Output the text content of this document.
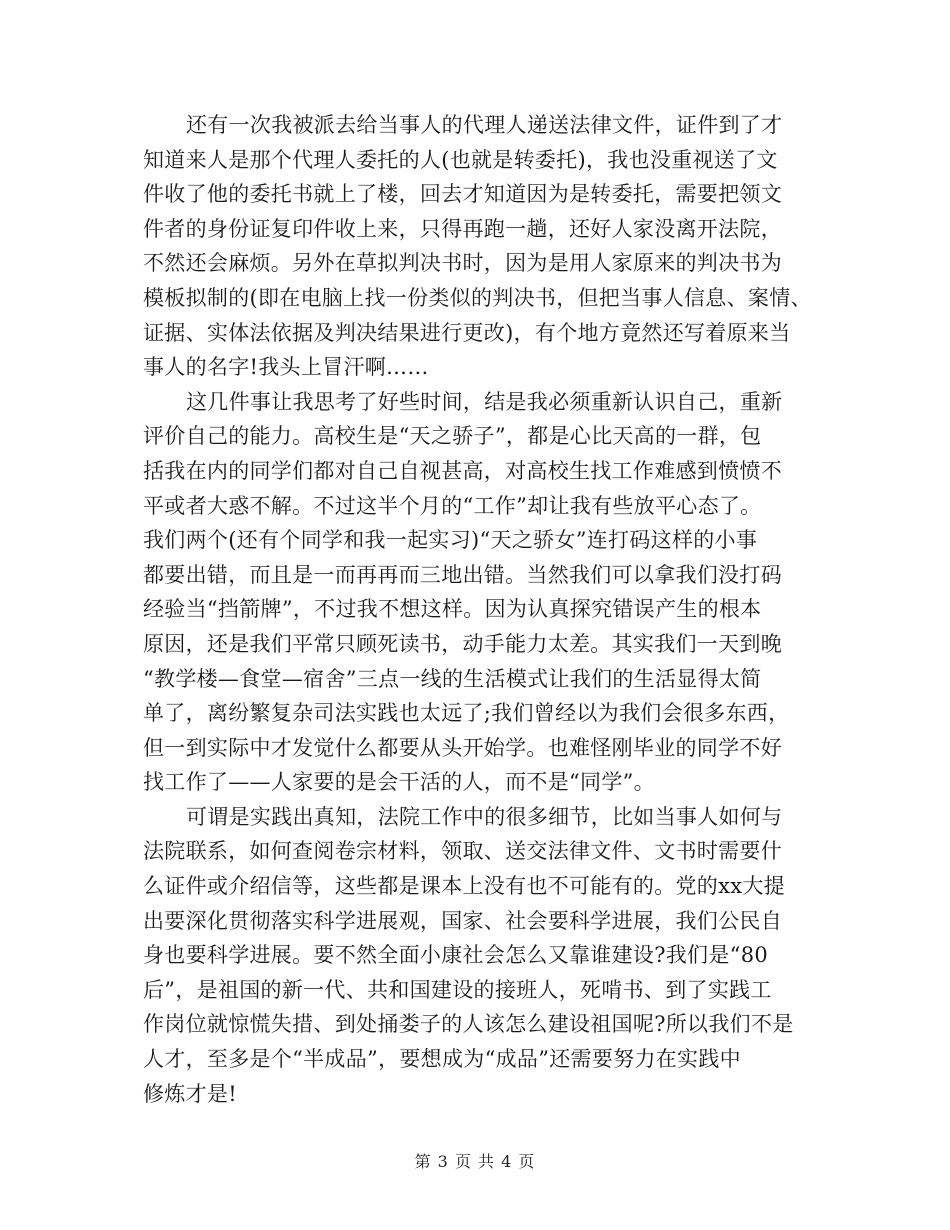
还有一次我被派去给当事人的代理人递送法律文件，证件到了才
知道来人是那个代理人委托的人(也就是转委托)，我也没重视送了文
件收了他的委托书就上了楼，回去才知道因为是转委托，需要把领文
件者的身份证复印件收上来，只得再跑一趟，还好人家没离开法院，
不然还会麻烦。另外在草拟判决书时，因为是用人家原来的判决书为
模板拟制的(即在电脑上找一份类似的判决书，但把当事人信息、案情、
证据、实体法依据及判决结果进行更改)，有个地方竟然还写着原来当
事人的名字!我头上冒汗啊……
这几件事让我思考了好些时间，结是我必须重新认识自己，重新
评价自己的能力。高校生是“天之骄子”，都是心比天高的一群，包
括我在内的同学们都对自己自视甚高，对高校生找工作难感到愤愤不
平或者大惑不解。不过这半个月的“工作”却让我有些放平心态了。
我们两个(还有个同学和我一起实习)“天之骄女”连打码这样的小事
都要出错，而且是一而再再而三地出错。当然我们可以拿我们没打码
经验当“挡箭牌”，不过我不想这样。因为认真探究错误产生的根本
原因，还是我们平常只顾死读书，动手能力太差。其实我们一天到晚
“教学楼—食堂—宿舍”三点一线的生活模式让我们的生活显得太简
单了，离纷繁复杂司法实践也太远了;我们曾经以为我们会很多东西，
但一到实际中才发觉什么都要从头开始学。也难怪刚毕业的同学不好
找工作了——人家要的是会干活的人，而不是“同学”。
可谓是实践出真知，法院工作中的很多细节，比如当事人如何与
法院联系，如何查阅卷宗材料，领取、送交法律文件、文书时需要什
么证件或介绍信等，这些都是课本上没有也不可能有的。党的xx大提
出要深化贯彻落实科学进展观，国家、社会要科学进展，我们公民自
身也要科学进展。要不然全面小康社会怎么又靠谁建设?我们是“80
后”，是祖国的新一代、共和国建设的接班人，死啃书、到了实践工
作岗位就惊慌失措、到处捅娄子的人该怎么建设祖国呢?所以我们不是
人才，至多是个“半成品”，要想成为“成品”还需要努力在实践中
修炼才是!
第 3 页 共 4 页
